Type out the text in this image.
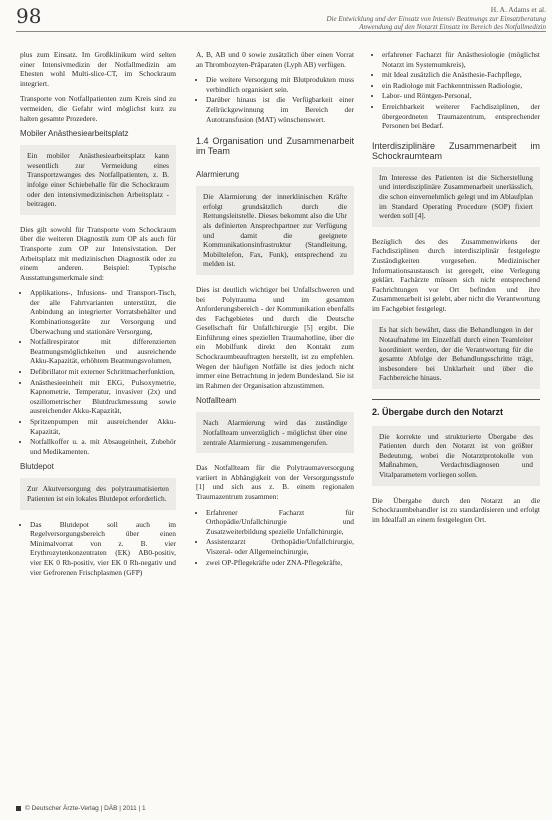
98	H. A. Adams et al.
Die Entwicklung und der Einsatz von Intensiv Beatmungs zur Einsatzberatung
Anwendung auf den Notarzt Einsatz im Bereich des Notfallmedizin

plus zum Einsatz. Im Großklinikum wird selten einer Intensivmedizin der Notfallmedizin am Ehesten wohl Multi-slice-CT, im Schockraum integriert.

Transporte von Notfallpatienten zum Kreis sind zu vermeiden, die Gefahr wird möglichst kurz zu halten gesamte Prozedere.

Mobiler Anästhesiearbeitsplatz

Ein mobiler Anästhesiearbeitsplatz kann wesentlich zur Vermeidung eines Transportzwanges des Notfallpatienten, z. B. infolge einer Schiebehalle für die Schockraum oder den intensivmedizinischen Arbeitsplatz - beitragen.

Dies gilt sowohl für Transporte vom Schockraum über die weiteren Diagnostik zum OP als auch für Transporte zum OP zur Intensivstation. Der Arbeitsplatz mit medizinischen Diagnostik oder zu einem anderen. Beispiel: Typische Ausstattungsmerkmale sind:

• Applikations-, Infusions- und Transport-Tisch, der alle Fahrtvarianten unterstützt, die Anbindung an integrierter Vorratsbehälter und Kombinationsgeräte zur Versorgung und Überwachung und stationäre Versorgung,
• Notfallrespirator mit differenzierten Beatmungsmöglichkeiten und ausreichende Akku-Kapazität, erhöhtem Beatmungsvolumen,
• Defibrillator mit externer Schrittmacherfunktion,
• Anästhesieeinheit mit EKG, Pulsoxymetrie, Kapnometrie, Temperatur, invasiver (2x) und oszillometrischer Blutdruckmessung sowie ausreichender Akku-Kapazität,
• Spritzenpumpen mit ausreichender Akku-Kapazität,
• Notfallkoffer u. a. mit Absaugeinheit, Zubehör und Medikamenten.
Blutdepot

Zur Akutversorgung des polytraumatisierten Patienten ist ein lokales Blutdepot erforderlich.

• Das Blutdepot soll auch im Regelversorgungsbereich über einen Minimalvorrat von z. B. vier Erythrozytenkonzentraten (EK) AB0-positiv, vier EK 0 Rh-positiv, vier EK 0 Rh-negativ und vier Gefrorenen Frischplasmen (GFP)

A, B, AB und 0 sowie zusätzlich über einen Vorrat an Thrombozyten-Präparaten (Lyph AB) verfügen.

• Die weitere Versorgung mit Blutprodukten muss verbindlich organisiert sein.
• Darüber hinaus ist die Verfügbarkeit einer Zellrückgewinnung im Bereich der Autotransfusion (MAT) wünschenswert.
1.4 Organisation und Zusammenarbeit im Team
Alarmierung

Die Alarmierung der innerklinischen Kräfte erfolgt grundsätzlich durch die Rettungsleitstelle. Dieses bekommt also die Uhr als definierten Ansprechpartner zur Verfügung und damit die geeignete Kommunikationsinfrastruktur (Standleitung, Mobiltelefon, Fax, Funk), entsprechend zu melden ist.

Dies ist deutlich wichtiger bei Unfallschweren und bei Polytrauma und im gesamten Anforderungsbereich - der Kommunikation ebenfalls des Fachgebietes und durch die Deutsche Gesellschaft für Unfallchirurgie [5] ergibt. Die Einführung eines speziellen Traumahotline, über die ein Mobilfunk direkt den Kontakt zum Schockraumbeauftragten herstellt, ist zu empfehlen. Wegen der häufigen Notfälle ist dies jedoch nicht immer eine Betrachtung in jedem Bundesland. Sie ist im Rahmen der Organisation abzustimmen.

Notfallteam

Nach Alarmierung wird das zuständige Notfallteam unverzüglich - möglichst über eine zentrale Alarmierung - zusammengerufen.

Das Notfallteam für die Polytraumaversorgung variiert in Abhängigkeit von der Versorgungsstufe [1] und sich aus z. B. einem regionalen Traumazentrum zusammen:

• Erfahrener Facharzt für Orthopädie/Unfallchirurgie und Zusatzweiterbildung spezielle Unfallchirurgie,
• Assistenzarzt Orthopädie/Unfallchirurgie, Viszeral- oder Allgemeinchirurgie,
• zwei OP-Pflegekräfte oder ZNA-Pflegekräfte,
• erfahrener Facharzt für Anästhesiologie (möglichst Notarzt im Systemumkreis),
• mit Ideal zusätzlich die Anästhesie-Fachpflege,
• ein Radiologe mit Fachkenntnissen Radiologie,
• Labor- und Röntgen-Personal,
• Erreichbarkeit weiterer Fachdisziplinen, der übergeordneten Traumazentrum, entsprechender Personen bei Bedarf.
Interdisziplinäre Zusammenarbeit im Schockraumteam

Im Interesse des Patienten ist die Sicherstellung und interdisziplinäre Zusammenarbeit unerlässlich, die schon einvernehmlich gelegt und im Ablaufplan im Standard Operating Procedure (SOP) fixiert werden soll [4].

Bezüglich des des Zusammenwirkens der Fachdisziplinen durch interdisziplinär festgelegte Zuständigkeiten vorgesehen. Medizinischer Informationsaustausch ist geregelt, eine Verlegung geklärt. Fachärzte müssen sich nicht entsprechend Fachrichtungen vor Ort befinden und ihre Zusammenarbeit ist gelebt, aber nicht die Verantwortung im Fachgebiet festgelegt.

Es hat sich bewährt, dass die Behandlungen in der Notaufnahme im Einzelfall durch einen Teamleiter koordiniert werden, der die Verantwortung für die gesamte Abfolge der Behandlungsschritte trägt, insbesondere bei Unklarheit und über die Fachbereiche hinaus.

2. Übergabe durch den Notarzt

Die korrekte und strukturierte Übergabe des Patienten durch den Notarzt ist von größter Bedeutung, wobei die Notarztprotokolle von Maßnahmen, Verdachtsdiagnosen und Vitalparametern vorliegen sollen.

Die Übergabe durch den Notarzt an die Schockraumbehandler ist zu standardisieren und erfolgt im Idealfall an einem festgelegten Ort.

© Deutscher Ärzte-Verlag | DÄB | 2011 | 1
